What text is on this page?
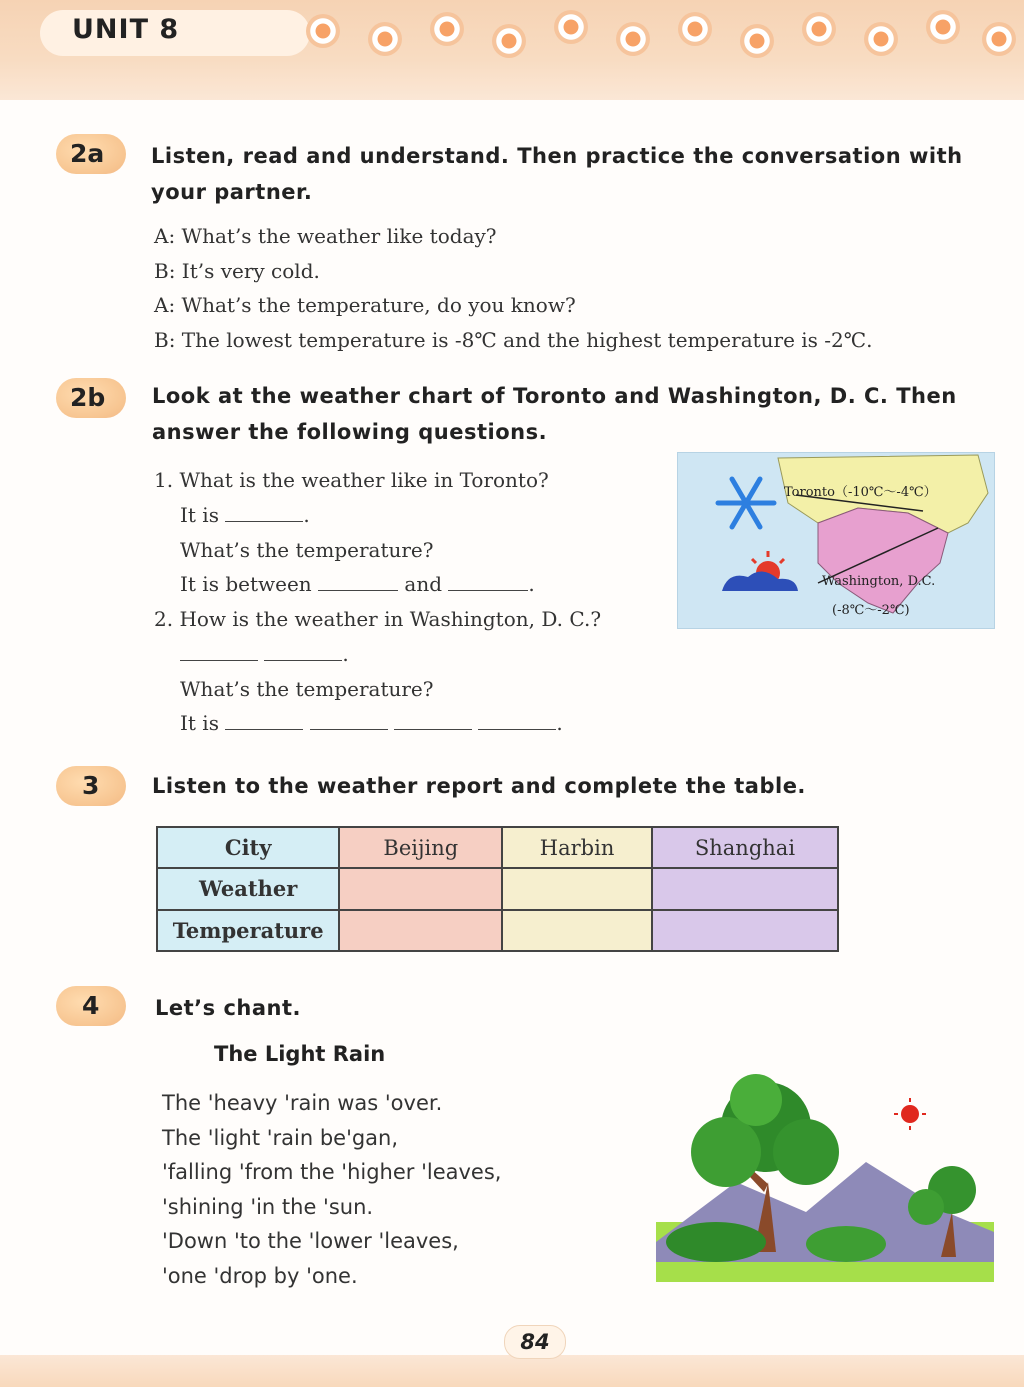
UNIT 8
2a	Listen, read and understand. Then practice the conversation with your partner.
A: What’s the weather like today?
B: It’s very cold.
A: What’s the temperature, do you know?
B: The lowest temperature is -8℃ and the highest temperature is -2℃.
2b	Look at the weather chart of Toronto and Washington, D. C. Then answer the following questions.
1. What is the weather like in Toronto?
It is	.
What’s the temperature?
It is between	and	.
2. How is the weather in Washington, D. C.?
.
What’s the temperature?
It is	.
Toronto（-10℃～-4℃）
Washington, D.C.
(-8℃～-2℃)
3	Listen to the weather report and complete the table.
City	Beijing	Harbin	Shanghai
Weather			
Temperature			
4	Let’s chant.
The Light Rain
The 'heavy 'rain was 'over.
The 'light 'rain be'gan,
'falling 'from the 'higher 'leaves,
'shining 'in the 'sun.
'Down 'to the 'lower 'leaves,
'one 'drop by 'one.
84
